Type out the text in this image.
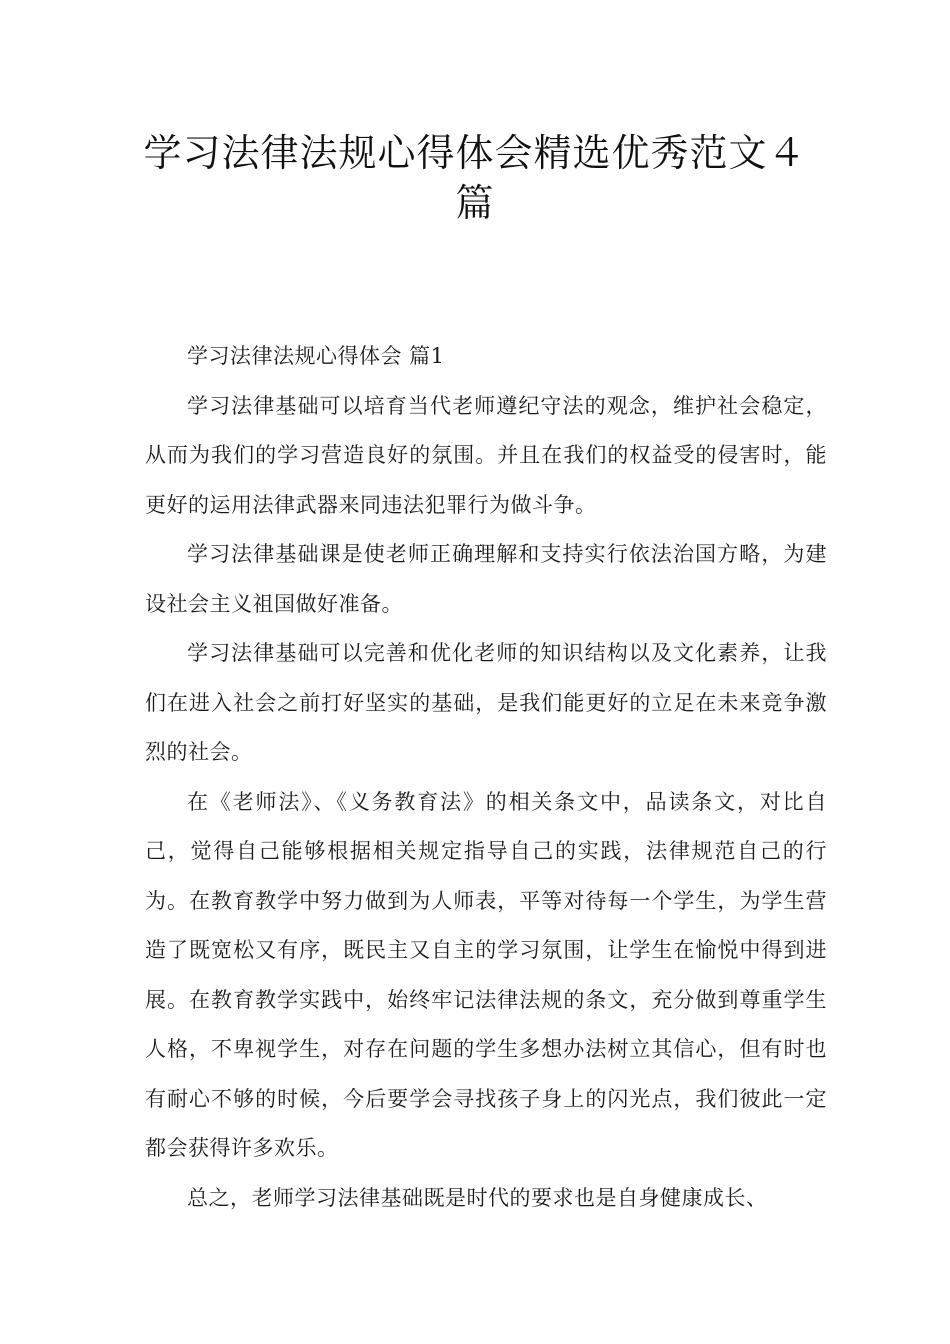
学习法律法规心得体会精选优秀范文４篇

学习法律法规心得体会 篇1

学习法律基础可以培育当代老师遵纪守法的观念，维护社会稳定，从而为我们的学习营造良好的氛围。并且在我们的权益受的侵害时，能更好的运用法律武器来同违法犯罪行为做斗争。

学习法律基础课是使老师正确理解和支持实行依法治国方略，为建设社会主义祖国做好准备。

学习法律基础可以完善和优化老师的知识结构以及文化素养，让我们在进入社会之前打好坚实的基础，是我们能更好的立足在未来竞争激烈的社会。

在《老师法》、《义务教育法》的相关条文中，品读条文，对比自己，觉得自己能够根据相关规定指导自己的实践，法律规范自己的行为。在教育教学中努力做到为人师表，平等对待每一个学生，为学生营造了既宽松又有序，既民主又自主的学习氛围，让学生在愉悦中得到进展。在教育教学实践中，始终牢记法律法规的条文，充分做到尊重学生人格，不卑视学生，对存在问题的学生多想办法树立其信心，但有时也有耐心不够的时候，今后要学会寻找孩子身上的闪光点，我们彼此一定都会获得许多欢乐。

总之，老师学习法律基础既是时代的要求也是自身健康成长、
